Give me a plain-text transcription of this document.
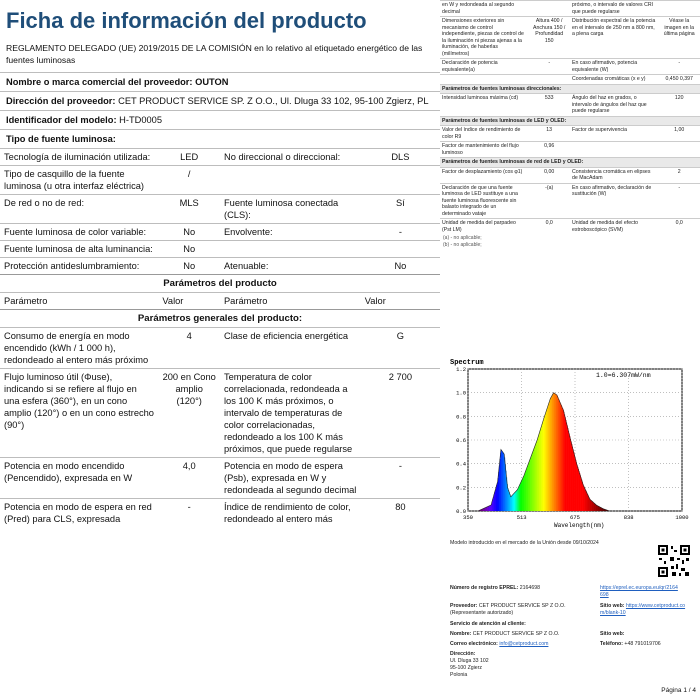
Ficha de información del producto
REGLAMENTO DELEGADO (UE) 2019/2015 DE LA COMISIÓN en lo relativo al etiquetado energético de las fuentes luminosas
Nombre o marca comercial del proveedor: OUTON
Dirección del proveedor: CET PRODUCT SERVICE SP. Z O.O., Ul. Dluga 33 102, 95-100 Zgierz, PL
Identificador del modelo: H-TD0005
Tipo de fuente luminosa:
Tecnología de iluminación utilizada:	LED	No direccional o direccional:	DLS
Tipo de casquillo de la fuente luminosa (u otra interfaz eléctrica)	/		
De red o no de red:	MLS	Fuente luminosa conectada (CLS):	Sí
Fuente luminosa de color variable:	No	Envolvente:	-
Fuente luminosa de alta luminancia:	No		
Protección antideslumbramiento:	No	Atenuable:	No
Parámetros del producto
Parámetro	Valor	Parámetro	Valor
Parámetros generales del producto:
Consumo de energía en modo encendido (kWh / 1 000 h), redondeado al entero más próximo	4	Clase de eficiencia energética	G
Flujo luminoso útil (Φuse), indicando si se refiere al flujo en una esfera (360°), en un cono amplio (120°) o en un cono estrecho (90°)	200 en Cono amplio (120°)	Temperatura de color correlacionada, redondeada a los 100 K más próximos, o intervalo de temperaturas de color correlacionadas, redondeado a los 100 K más próximos, que puede regularse	2 700
Potencia en modo encendido (Pencendido), expresada en W	4,0	Potencia en modo de espera (Psb), expresada en W y redondeada al segundo decimal	-
Potencia en modo de espera en red (Pred) para CLS, expresada	-	Índice de rendimiento de color, redondeado al entero más	80
en W y redondeada al segundo decimal		próximo, o intervalo de valores CRI que puede regularse	
Dimensiones exteriores sin mecanismo de control independiente, piezas de control de la iluminación ni piezas ajenas a la iluminación, de haberlas (milímetros)	Altura 400 / Anchura 150 / Profundidad 150	Distribución espectral de la potencia en el intervalo de 250 nm a 800 nm, a plena carga	Véase la imagen en la última página
Declaración de potencia equivalente(a)	-	En caso afirmativo, potencia equivalente (W)	-
		Coordenadas cromáticas (x e y)	0,450 0,397
Parámetros de fuentes luminosas direccionales:
Intensidad luminosa máxima (cd)	533	Ángulo del haz en grados, o intervalo de ángulos del haz que puede regularse	120
Parámetros de fuentes luminosas de LED y OLED:			
Valor del índice de rendimiento de color R9	13	Factor de supervivencia	1,00
Factor de mantenimiento del flujo luminoso	0,96		
Parámetros de fuentes luminosas de red de LED y OLED:			
Factor de desplazamiento (cos φ1)	0,00	Consistencia cromática en elipses de MacAdam	2
Declaración de que una fuente luminosa de LED sustituye a una fuente luminosa fluorescente sin balasto integrado de un determinado vatajе	-(a)	En caso afirmativo, declaración de sustitución (W)	-
Unidad de medida del parpadeo (Pst LM)	0,0	Unidad de medida del efecto estroboscópico (SVM)	0,0
(a) - no aplicable;
(b) - no aplicable;
Spectrum
1.0=6.307mW/nm
Wavelength(nm)
1.2
1.0
0.8
0.6
0.4
0.2
0.0
350	513	675	838	1000
Modelo introducido en el mercado de la Unión desde 09/10/2024
Número de registro EPREL: 2164698	https://eprel.ec.europa.eu/qr/2164698
Proveedor: CET PRODUCT SERVICE SP Z O.O. (Representante autorizado)
Sitio web: https://www.cetproduct.com/blank-10
Servicio de atención al cliente:
Nombre: CET PRODUCT SERVICE SP Z O.O.	Sitio web:
Correo electrónico: info@cetproduct.com	Teléfono: +48 791019706
Dirección:
Ul. Dluga 33 102
95-100 Zgierz
Polonia
Página 1 / 4
